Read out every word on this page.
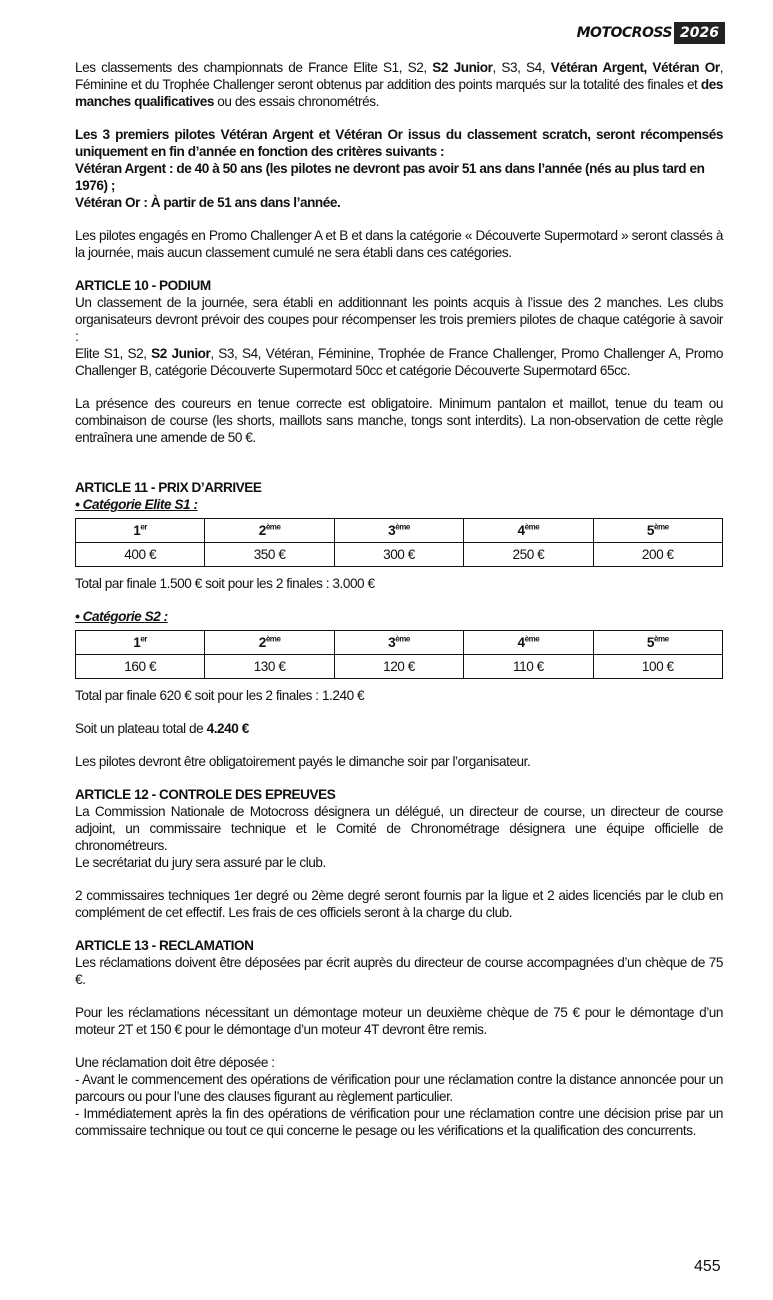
MOTOCROSS 2026

Les classements des championnats de France Elite S1, S2, S2 Junior, S3, S4, Vétéran Argent, Vétéran Or, Féminine et du Trophée Challenger seront obtenus par addition des points marqués sur la totalité des finales et des manches qualificatives ou des essais chronométrés.

Les 3 premiers pilotes Vétéran Argent et Vétéran Or issus du classement scratch, seront récompensés uniquement en fin d’année en fonction des critères suivants :

Vétéran Argent : de 40 à 50 ans (les pilotes ne devront pas avoir 51 ans dans l’année (nés au plus tard en 1976) ;

Vétéran Or : À partir de 51 ans dans l’année.

Les pilotes engagés en Promo Challenger A et B et dans la catégorie « Découverte Supermotard » seront classés à la journée, mais aucun classement cumulé ne sera établi dans ces catégories.

ARTICLE 10 - PODIUM

Un classement de la journée, sera établi en additionnant les points acquis à l’issue des 2 manches. Les clubs organisateurs devront prévoir des coupes pour récompenser les trois premiers pilotes de chaque catégorie à savoir :

Elite S1, S2, S2 Junior, S3, S4, Vétéran, Féminine, Trophée de France Challenger, Promo Challenger A, Promo Challenger B, catégorie Découverte Supermotard 50cc et catégorie Découverte Supermotard 65cc.

La présence des coureurs en tenue correcte est obligatoire. Minimum pantalon et maillot, tenue du team ou combinaison de course (les shorts, maillots sans manche, tongs sont interdits). La non-observation de cette règle entraînera une amende de 50 €.

ARTICLE 11 - PRIX D’ARRIVEE

• Catégorie Elite S1 :

1er	2ème	3ème	4ème	5ème
400 €	350 €	300 €	250 €	200 €

Total par finale 1.500 € soit pour les 2 finales : 3.000 €

• Catégorie S2 :

1er	2ème	3ème	4ème	5ème
160 €	130 €	120 €	110 €	100 €

Total par finale 620 € soit pour les 2 finales : 1.240 €

Soit un plateau total de 4.240 €

Les pilotes devront être obligatoirement payés le dimanche soir par l’organisateur.

ARTICLE 12 - CONTROLE DES EPREUVES

La Commission Nationale de Motocross désignera un délégué, un directeur de course, un directeur de course adjoint, un commissaire technique et le Comité de Chronométrage désignera une équipe officielle de chronométreurs.

Le secrétariat du jury sera assuré par le club.

2 commissaires techniques 1er degré ou 2ème degré seront fournis par la ligue et 2 aides licenciés par le club en complément de cet effectif. Les frais de ces officiels seront à la charge du club.

ARTICLE 13 - RECLAMATION

Les réclamations doivent être déposées par écrit auprès du directeur de course accompagnées d’un chèque de 75 €.

Pour les réclamations nécessitant un démontage moteur un deuxième chèque de 75 € pour le démontage d’un moteur 2T et 150 € pour le démontage d’un moteur 4T devront être remis.

Une réclamation doit être déposée :

- Avant le commencement des opérations de vérification pour une réclamation contre la distance annoncée pour un parcours ou pour l’une des clauses figurant au règlement particulier.

- Immédiatement après la fin des opérations de vérification pour une réclamation contre une décision prise par un commissaire technique ou tout ce qui concerne le pesage ou les vérifications et la qualification des concurrents.

455
